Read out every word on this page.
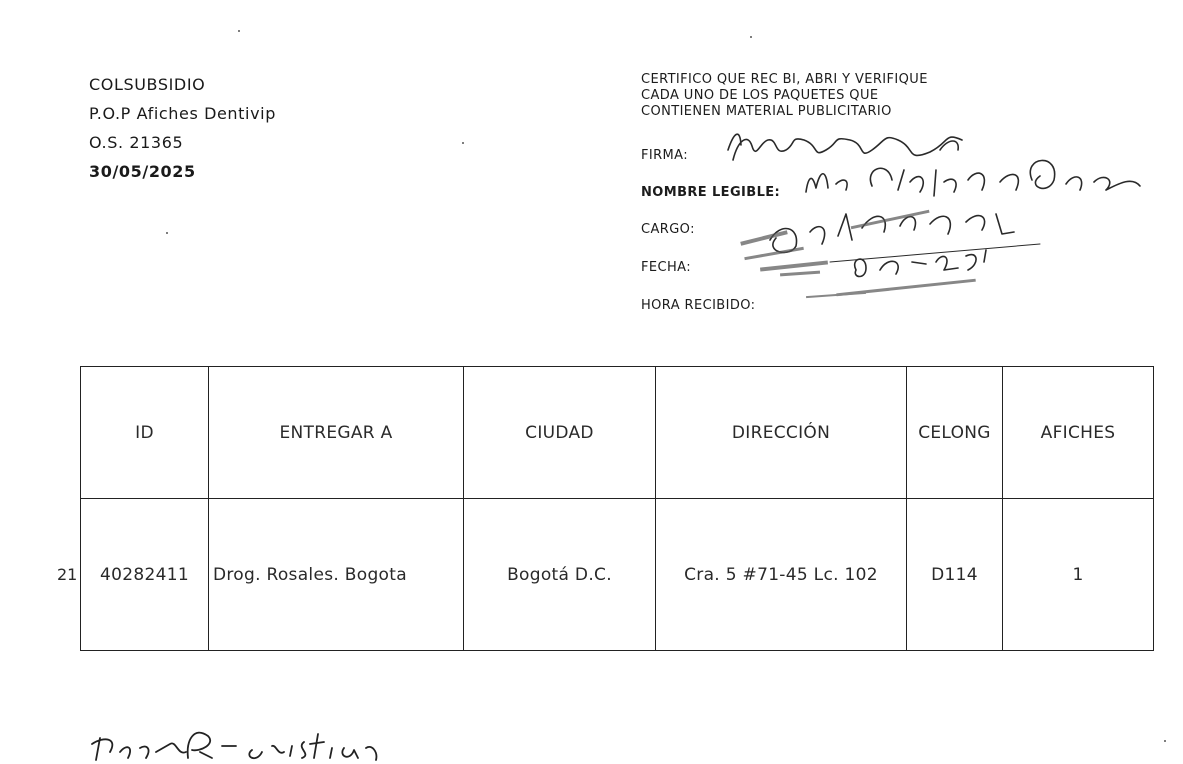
COLSUBSIDIO
P.O.P Afiches Dentivip
O.S. 21365
30/05/2025
CERTIFICO QUE REC BI, ABRI Y VERIFIQUE
CADA UNO DE LOS PAQUETES QUE
CONTIENEN MATERIAL PUBLICITARIO
FIRMA:
NOMBRE LEGIBLE:
CARGO:
FECHA:
HORA RECIBIDO:
ID	ENTREGAR A	CIUDAD	DIRECCIÓN	CELONG	AFICHES
40282411	Drog. Rosales. Bogota	Bogotá D.C.	Cra. 5 #71-45 Lc. 102	D114	1
21
